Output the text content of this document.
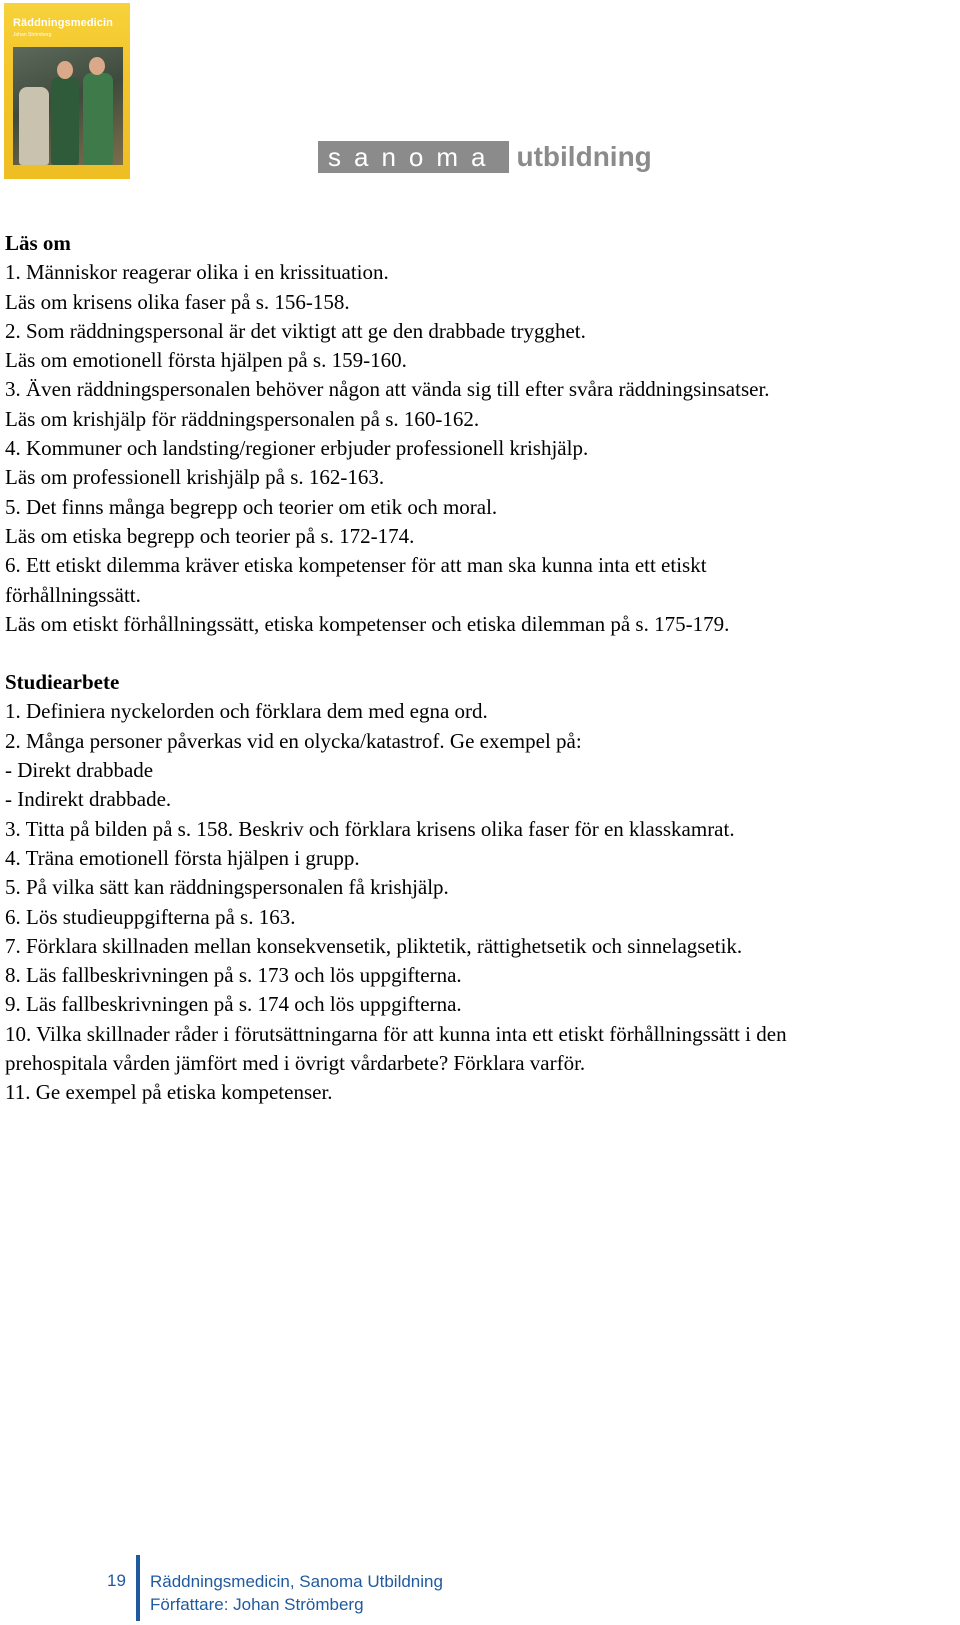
Räddningsmedicin
Johan Strömberg
sanoma utbildning

Läs om

1. Människor reagerar olika i en krissituation.

Läs om krisens olika faser på s. 156-158.

2. Som räddningspersonal är det viktigt att ge den drabbade trygghet.

Läs om emotionell första hjälpen på s. 159-160.

3. Även räddningspersonalen behöver någon att vända sig till efter svåra räddningsinsatser.

Läs om krishjälp för räddningspersonalen på s. 160-162.

4. Kommuner och landsting/regioner erbjuder professionell krishjälp.

Läs om professionell krishjälp på s. 162-163.

5. Det finns många begrepp och teorier om etik och moral.

Läs om etiska begrepp och teorier på s. 172-174.

6. Ett etiskt dilemma kräver etiska kompetenser för att man ska kunna inta ett etiskt

förhållningssätt.

Läs om etiskt förhållningssätt, etiska kompetenser och etiska dilemman på s. 175-179.

Studiearbete

1. Definiera nyckelorden och förklara dem med egna ord.

2. Många personer påverkas vid en olycka/katastrof. Ge exempel på:

- Direkt drabbade

- Indirekt drabbade.

3. Titta på bilden på s. 158. Beskriv och förklara krisens olika faser för en klasskamrat.

4. Träna emotionell första hjälpen i grupp.

5. På vilka sätt kan räddningspersonalen få krishjälp.

6. Lös studieuppgifterna på s. 163.

7. Förklara skillnaden mellan konsekvensetik, pliktetik, rättighetsetik och sinnelagsetik.

8. Läs fallbeskrivningen på s. 173 och lös uppgifterna.

9. Läs fallbeskrivningen på s. 174 och lös uppgifterna.

10. Vilka skillnader råder i förutsättningarna för att kunna inta ett etiskt förhållningssätt i den

prehospitala vården jämfört med i övrigt vårdarbete? Förklara varför.

11. Ge exempel på etiska kompetenser.

19 Räddningsmedicin, Sanoma Utbildning
Författare: Johan Strömberg
